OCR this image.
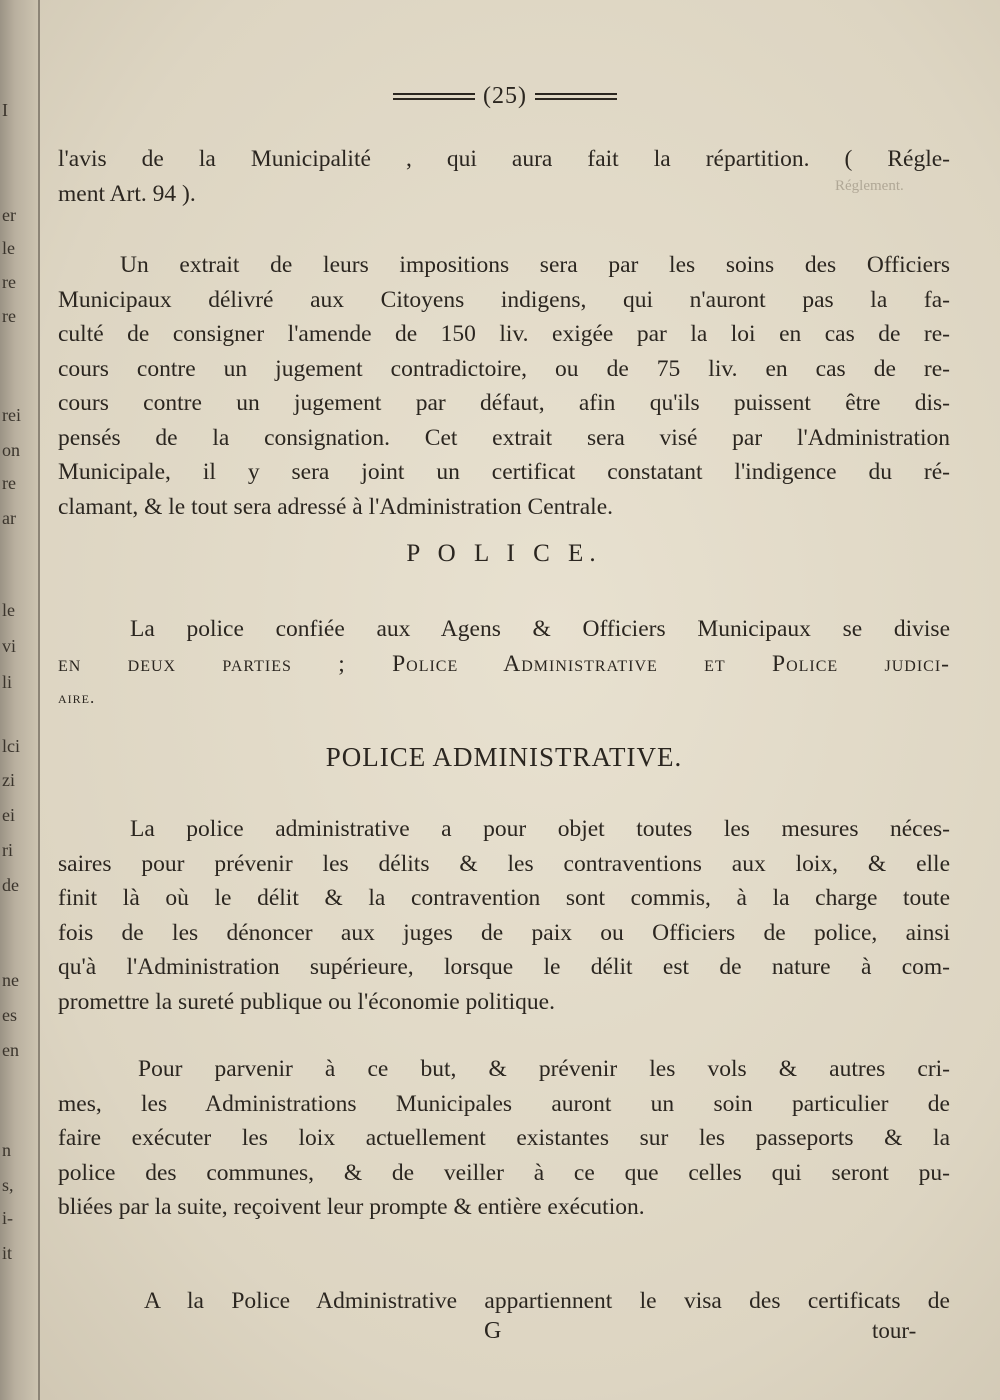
I
er
le
re
re
rei
on
re
ar
le
vi
li
lci
zi
ei
ri
de
ne
es
en
n
s,
i-
it
(25)
l'avis de la Municipalité , qui aura fait la répartition. ( Régle-
ment Art. 94 ).	Réglement.
Un extrait de leurs impositions sera par les soins des Officiers
Municipaux délivré aux Citoyens indigens, qui n'auront pas la fa-
culté de consigner l'amende de 150 liv. exigée par la loi en cas de re-
cours contre un jugement contradictoire, ou de 75 liv. en cas de re-
cours contre un jugement par défaut, afin qu'ils puissent être dis-
pensés de la consignation. Cet extrait sera visé par l'Administration
Municipale, il y sera joint un certificat constatant l'indigence du ré-
clamant, & le tout sera adressé à l'Administration Centrale.
P O L I C E.
La police confiée aux Agens & Officiers Municipaux se divise
en deux parties ; Police Administrative et Police judici-
aire.
POLICE ADMINISTRATIVE.
La police administrative a pour objet toutes les mesures néces-
saires pour prévenir les délits & les contraventions aux loix, & elle
finit là où le délit & la contravention sont commis, à la charge toute
fois de les dénoncer aux juges de paix ou Officiers de police, ainsi
qu'à l'Administration supérieure, lorsque le délit est de nature à com-
promettre la sureté publique ou l'économie politique.
Pour parvenir à ce but, & prévenir les vols & autres cri-
mes, les Administrations Municipales auront un soin particulier de
faire exécuter les loix actuellement existantes sur les passeports & la
police des communes, & de veiller à ce que celles qui seront pu-
bliées par la suite, reçoivent leur prompte & entière exécution.
A la Police Administrative appartiennent le visa des certificats de
G	tour-
